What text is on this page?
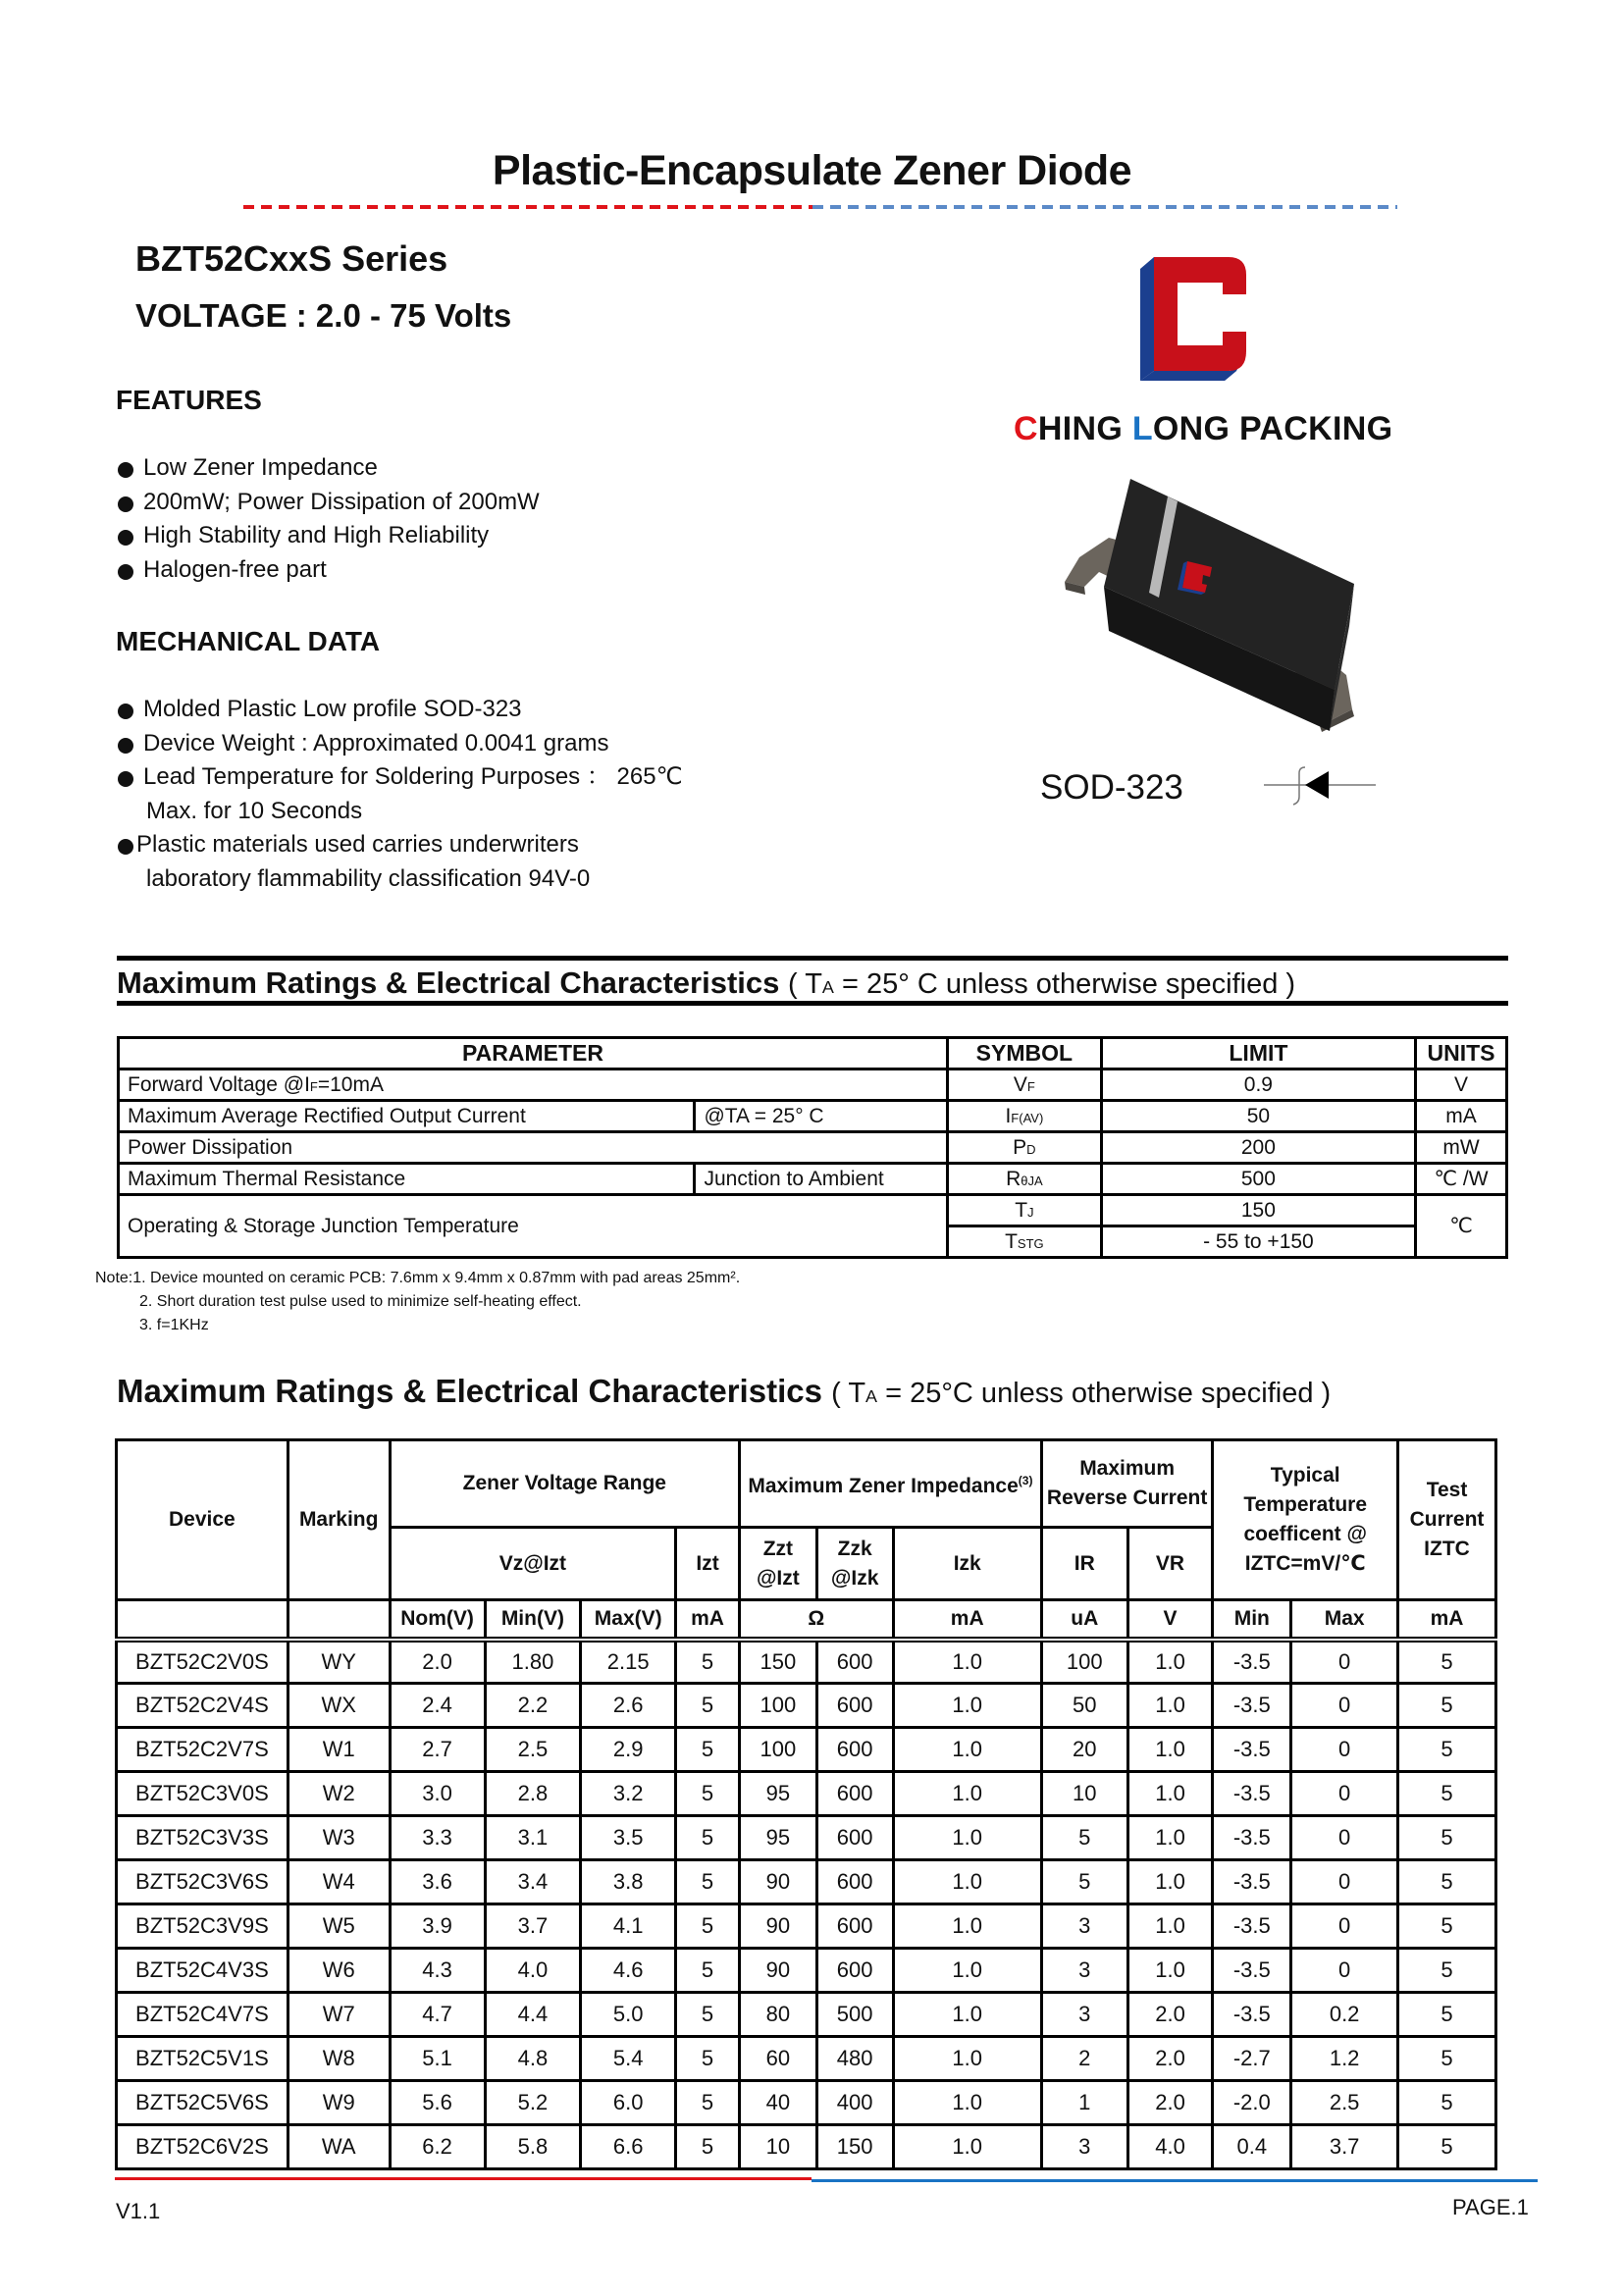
Plastic-Encapsulate Zener Diode
BZT52CxxS Series
VOLTAGE : 2.0 - 75 Volts
CHING LONG PACKING
SOD-323
FEATURES
Low Zener Impedance
200mW; Power Dissipation of 200mW
High Stability and High Reliability
Halogen-free part
MECHANICAL DATA
Molded Plastic Low profile SOD-323
Device Weight : Approximated 0.0041 grams
Lead Temperature for Soldering Purposes ： 265℃
Max. for 10 Seconds
Plastic materials used carries underwriters
laboratory flammability classification 94V-0
Maximum Ratings & Electrical Characteristics ( TA = 25° C unless otherwise specified )
PARAMETER		SYMBOL	LIMIT	UNITS
Forward Voltage @IF=10mA		VF	0.9	V
Maximum Average Rectified Output Current	@TA = 25° C	IF(AV)	50	mA
Power Dissipation		PD	200	mW
Maximum Thermal Resistance	Junction to Ambient	RθJA	500	℃ /W
Operating & Storage Junction Temperature		TJ	150	℃
		TSTG	- 55 to +150	
Note:1. Device mounted on ceramic PCB: 7.6mm x 9.4mm x 0.87mm with pad areas 25mm².
2. Short duration test pulse used to minimize self-heating effect.
3. f=1KHz
Maximum Ratings & Electrical Characteristics ( TA = 25°C unless otherwise specified )
Device	Marking	Zener Voltage Range				Maximum Zener Impedance$^{(3)}$			Maximum Reverse Current		Typical Temperature coefficent @ IZTC=mV/℃		Test Current IZTC
		Vz@Izt			Izt	Zzt @Izt	Zzk @Izk	Izk	IR	VR			
		Nom(V)	Min(V)	Max(V)	mA	Ω		mA	uA	V	Min	Max	mA
BZT52C2V0S	WY	2.0	1.80	2.15	5	150	600	1.0	100	1.0	-3.5	0	5
BZT52C2V4S	WX	2.4	2.2	2.6	5	100	600	1.0	50	1.0	-3.5	0	5
BZT52C2V7S	W1	2.7	2.5	2.9	5	100	600	1.0	20	1.0	-3.5	0	5
BZT52C3V0S	W2	3.0	2.8	3.2	5	95	600	1.0	10	1.0	-3.5	0	5
BZT52C3V3S	W3	3.3	3.1	3.5	5	95	600	1.0	5	1.0	-3.5	0	5
BZT52C3V6S	W4	3.6	3.4	3.8	5	90	600	1.0	5	1.0	-3.5	0	5
BZT52C3V9S	W5	3.9	3.7	4.1	5	90	600	1.0	3	1.0	-3.5	0	5
BZT52C4V3S	W6	4.3	4.0	4.6	5	90	600	1.0	3	1.0	-3.5	0	5
BZT52C4V7S	W7	4.7	4.4	5.0	5	80	500	1.0	3	2.0	-3.5	0.2	5
BZT52C5V1S	W8	5.1	4.8	5.4	5	60	480	1.0	2	2.0	-2.7	1.2	5
BZT52C5V6S	W9	5.6	5.2	6.0	5	40	400	1.0	1	2.0	-2.0	2.5	5
BZT52C6V2S	WA	6.2	5.8	6.6	5	10	150	1.0	3	4.0	0.4	3.7	5
V1.1	PAGE.1
